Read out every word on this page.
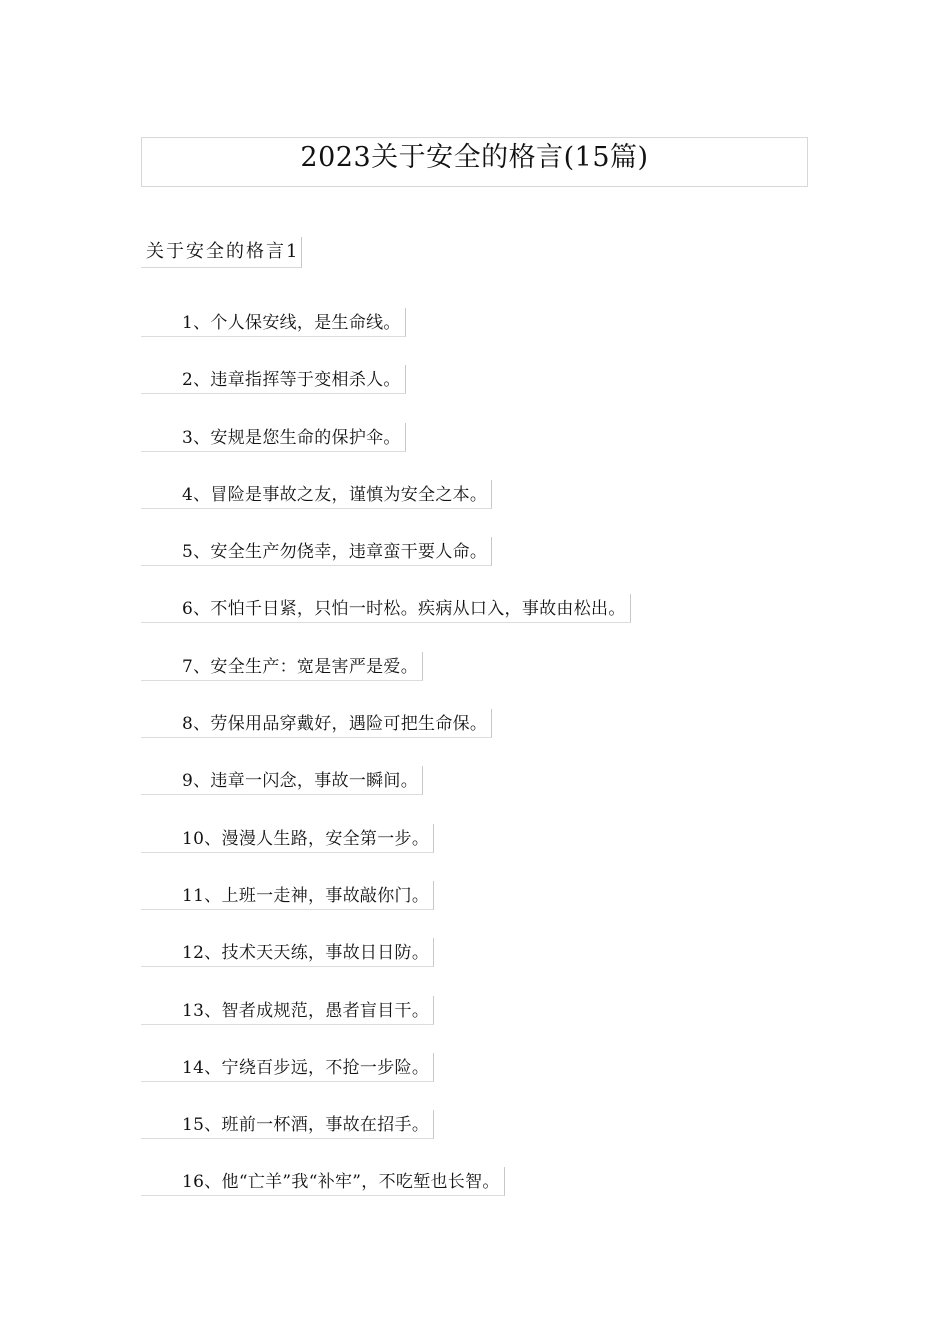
2023关于安全的格言(15篇)
关于安全的格言1
1、个人保安线，是生命线。
2、违章指挥等于变相杀人。
3、安规是您生命的保护伞。
4、冒险是事故之友，谨慎为安全之本。
5、安全生产勿侥幸，违章蛮干要人命。
6、不怕千日紧，只怕一时松。疾病从口入，事故由松出。
7、安全生产：宽是害严是爱。
8、劳保用品穿戴好，遇险可把生命保。
9、违章一闪念，事故一瞬间。
10、漫漫人生路，安全第一步。
11、上班一走神，事故敲你门。
12、技术天天练，事故日日防。
13、智者成规范，愚者盲目干。
14、宁绕百步远，不抢一步险。
15、班前一杯酒，事故在招手。
16、他“亡羊”我“补牢”，不吃堑也长智。
